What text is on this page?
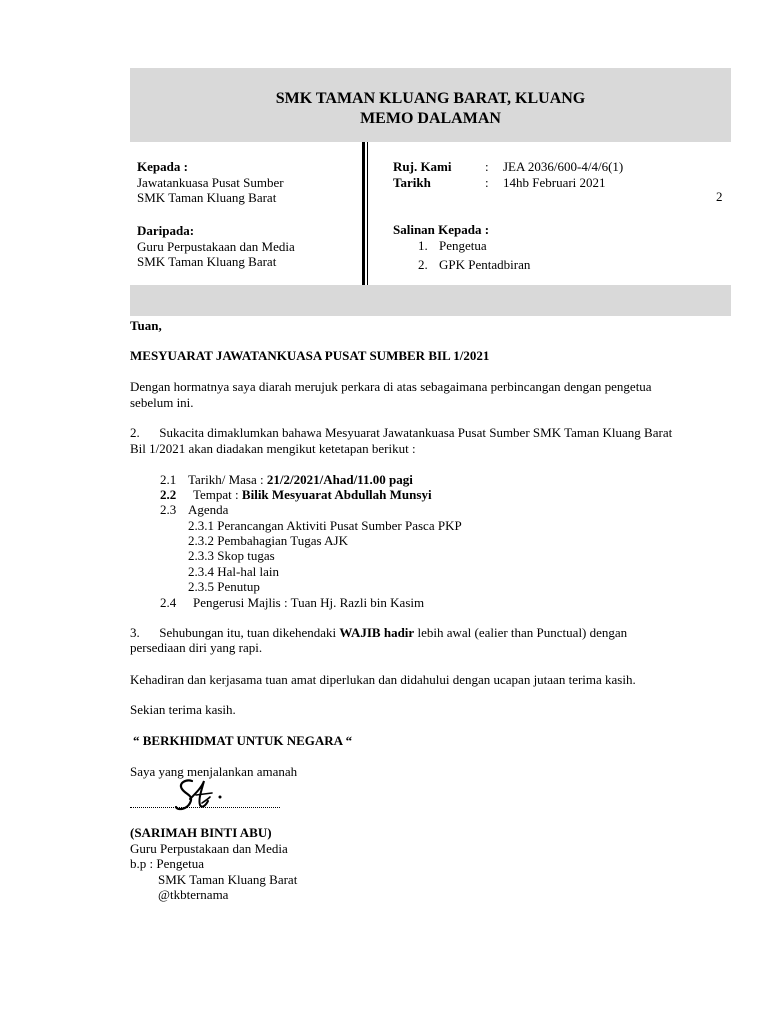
SMK TAMAN KLUANG BARAT, KLUANG
MEMO DALAMAN
Kepada :
Jawatankuasa Pusat Sumber
SMK Taman Kluang Barat
Daripada:
Guru Perpustakaan dan Media
SMK Taman Kluang Barat
Ruj. Kami	: JEA 2036/600-4/4/6(1)
Tarikh	: 14hb Februari 2021
2
Salinan Kepada :
1. Pengetua
2. GPK Pentadbiran
Tuan,
MESYUARAT JAWATANKUASA PUSAT SUMBER BIL 1/2021
Dengan hormatnya saya diarah merujuk perkara di atas sebagaimana perbincangan dengan pengetua
sebelum ini.
2.      Sukacita dimaklumkan bahawa Mesyuarat Jawatankuasa Pusat Sumber SMK Taman Kluang Barat
Bil 1/2021 akan diadakan mengikut ketetapan berikut :
2.1 Tarikh/ Masa : 21/2/2021/Ahad/11.00 pagi
2.2 Tempat : Bilik Mesyuarat Abdullah Munsyi
2.3 Agenda
2.3.1 Perancangan Aktiviti Pusat Sumber Pasca PKP
2.3.2 Pembahagian Tugas AJK
2.3.3 Skop tugas
2.3.4 Hal-hal lain
2.3.5 Penutup
2.4 Pengerusi Majlis : Tuan Hj. Razli bin Kasim
3.      Sehubungan itu, tuan dikehendaki WAJIB hadir lebih awal (ealier than Punctual) dengan
persediaan diri yang rapi.
Kehadiran dan kerjasama tuan amat diperlukan dan didahului dengan ucapan jutaan terima kasih.
Sekian terima kasih.
“ BERKHIDMAT UNTUK NEGARA “
Saya yang menjalankan amanah
(SARIMAH BINTI ABU)
Guru Perpustakaan dan Media
b.p : Pengetua
SMK Taman Kluang Barat
@tkbternama
